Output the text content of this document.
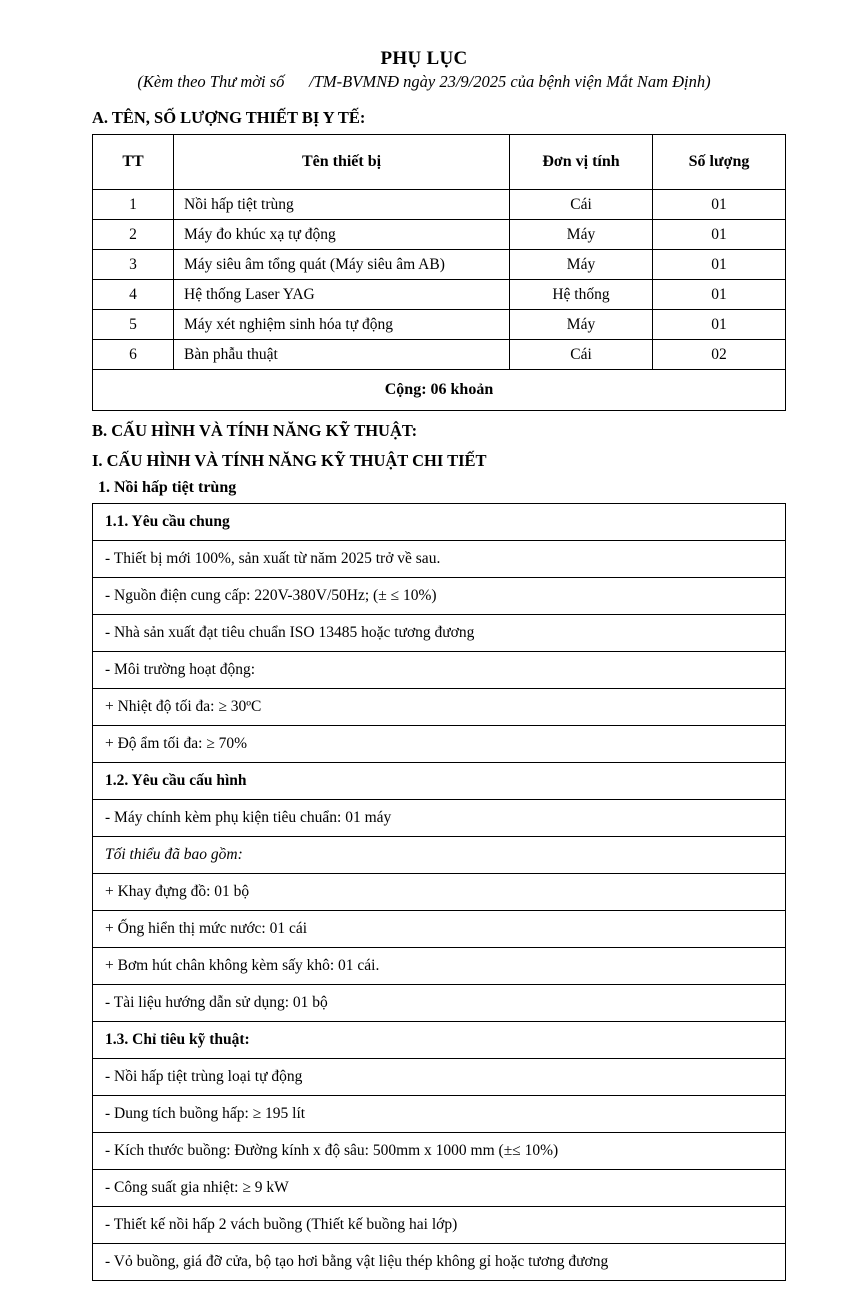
PHỤ LỤC
(Kèm theo Thư mời số      /TM-BVMNĐ ngày 23/9/2025 của bệnh viện Mắt Nam Định)
A. TÊN, SỐ LƯỢNG THIẾT BỊ Y TẾ:
TT	Tên thiết bị	Đơn vị tính	Số lượng
1	Nồi hấp tiệt trùng	Cái	01
2	Máy đo khúc xạ tự động	Máy	01
3	Máy siêu âm tổng quát (Máy siêu âm AB)	Máy	01
4	Hệ thống Laser YAG	Hệ thống	01
5	Máy xét nghiệm sinh hóa tự động	Máy	01
6	Bàn phẫu thuật	Cái	02
Cộng: 06 khoản			
B. CẤU HÌNH VÀ TÍNH NĂNG KỸ THUẬT:
I. CẤU HÌNH VÀ TÍNH NĂNG KỸ THUẬT CHI TIẾT
1. Nồi hấp tiệt trùng
1.1. Yêu cầu chung
- Thiết bị mới 100%, sản xuất từ năm 2025 trở về sau.
- Nguồn điện cung cấp: 220V-380V/50Hz; (± ≤ 10%)
- Nhà sản xuất đạt tiêu chuẩn ISO 13485 hoặc tương đương
- Môi trường hoạt động:
+ Nhiệt độ tối đa: ≥ 30ºC
+ Độ ẩm tối đa: ≥ 70%
1.2. Yêu cầu cấu hình
- Máy chính kèm phụ kiện tiêu chuẩn: 01 máy
Tối thiểu đã bao gồm:
+ Khay đựng đồ: 01 bộ
+ Ống hiển thị mức nước: 01 cái
+ Bơm hút chân không kèm sấy khô: 01 cái.
- Tài liệu hướng dẫn sử dụng: 01 bộ
1.3. Chỉ tiêu kỹ thuật:
- Nồi hấp tiệt trùng loại tự động
- Dung tích buồng hấp: ≥ 195 lít
- Kích thước buồng: Đường kính x độ sâu: 500mm x 1000 mm (±≤ 10%)
- Công suất gia nhiệt: ≥ 9 kW
- Thiết kế nồi hấp 2 vách buồng (Thiết kế buồng hai lớp)
- Vỏ buồng, giá đỡ cửa, bộ tạo hơi bằng vật liệu thép không gỉ hoặc tương đương
